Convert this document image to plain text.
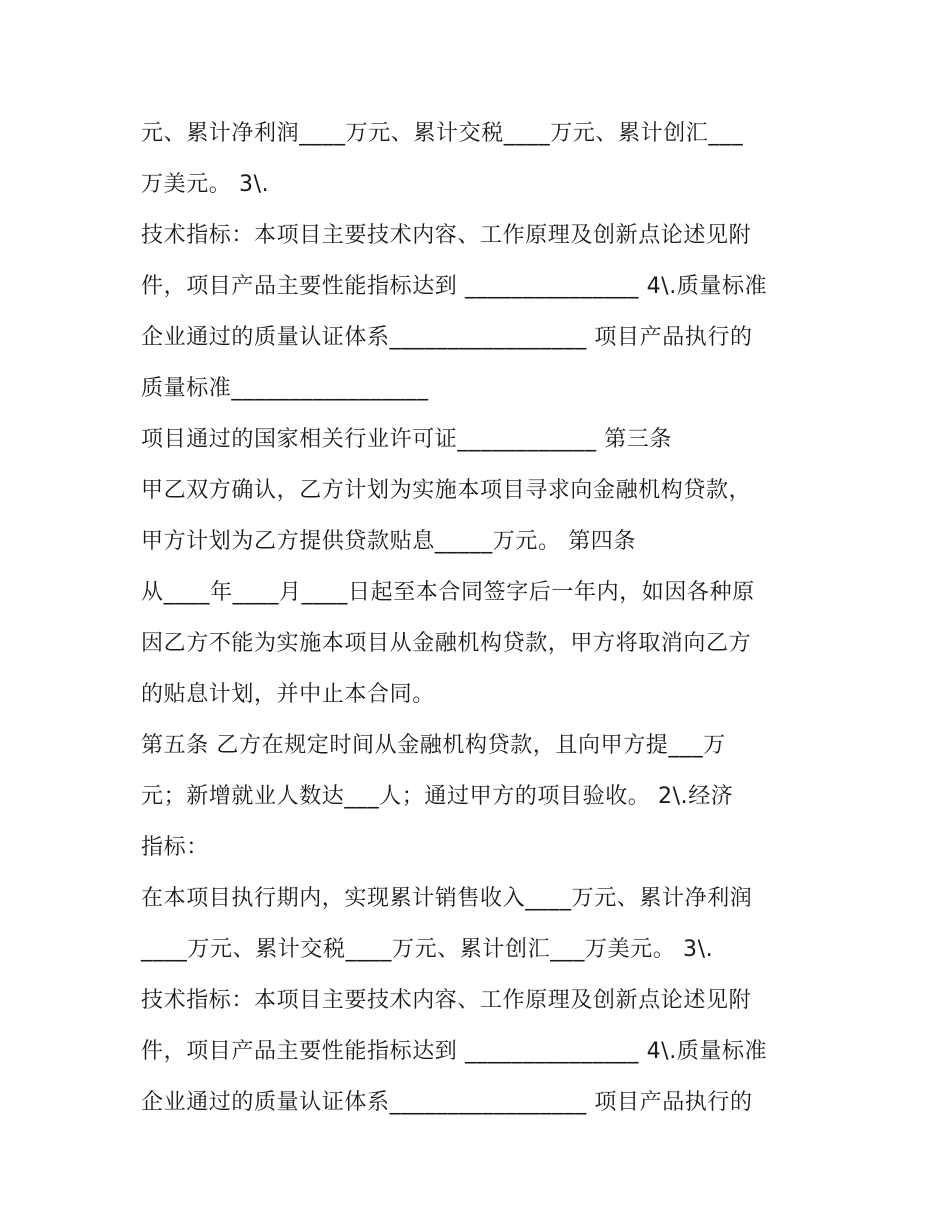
元、累计净利润____万元、累计交税____万元、累计创汇___
万美元。 3\.
技术指标：本项目主要技术内容、工作原理及创新点论述见附
件，项目产品主要性能指标达到 _______________ 4\.质量标准
企业通过的质量认证体系_________________ 项目产品执行的
质量标准_________________
项目通过的国家相关行业许可证____________ 第三条
甲乙双方确认，乙方计划为实施本项目寻求向金融机构贷款，
甲方计划为乙方提供贷款贴息_____万元。 第四条
从____年____月____日起至本合同签字后一年内，如因各种原
因乙方不能为实施本项目从金融机构贷款，甲方将取消向乙方
的贴息计划，并中止本合同。
第五条 乙方在规定时间从金融机构贷款，且向甲方提___万
元；新增就业人数达___人；通过甲方的项目验收。 2\.经济
指标：
在本项目执行期内，实现累计销售收入____万元、累计净利润
____万元、累计交税____万元、累计创汇___万美元。 3\.
技术指标：本项目主要技术内容、工作原理及创新点论述见附
件，项目产品主要性能指标达到 _______________ 4\.质量标准
企业通过的质量认证体系_________________ 项目产品执行的
